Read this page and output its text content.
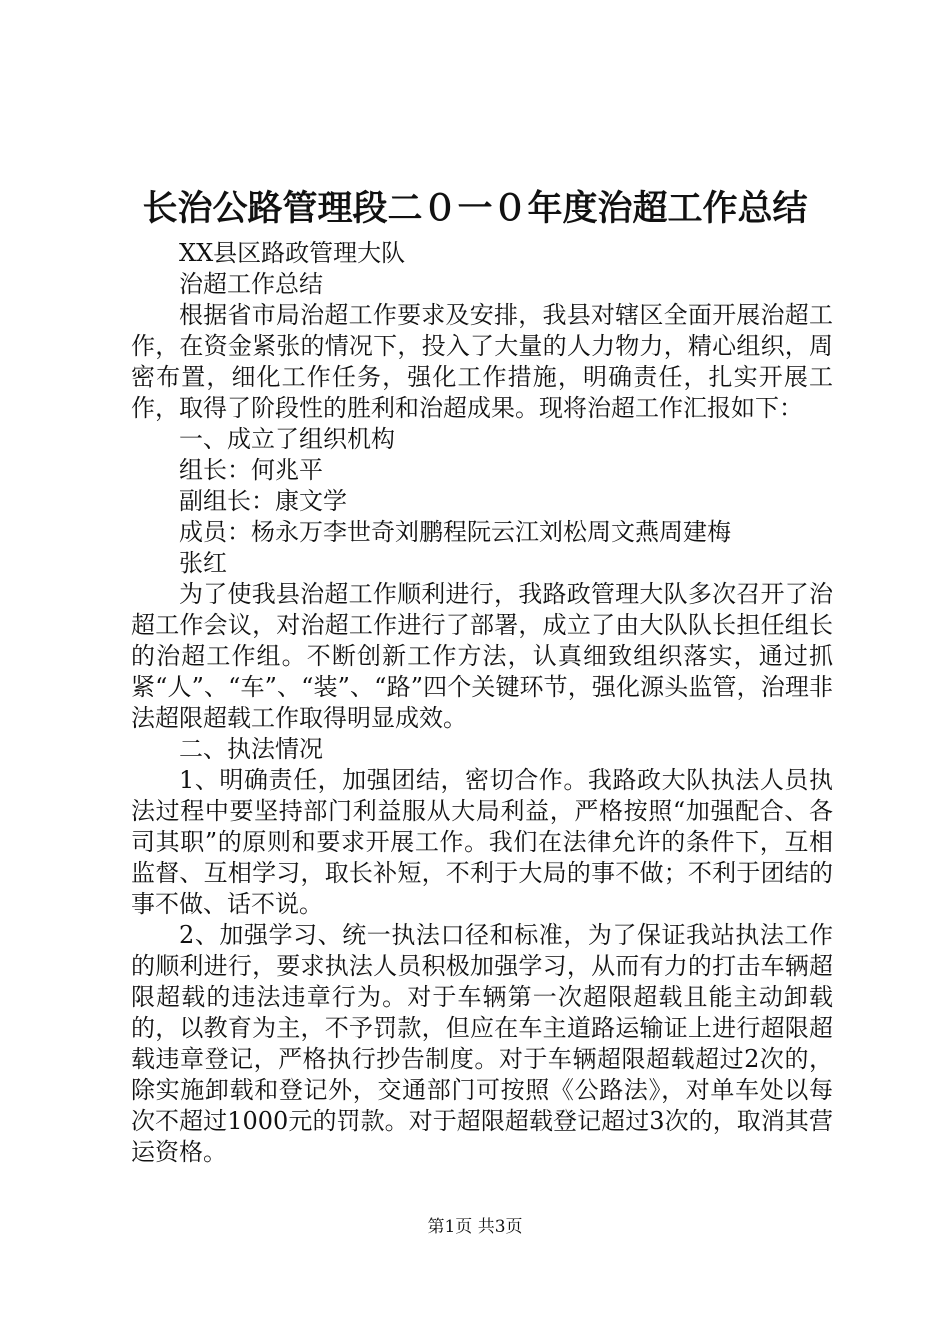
长治公路管理段二０一０年度治超工作总结

XX县区路政管理大队

治超工作总结

根据省市局治超工作要求及安排，我县对辖区全面开展治超工作，在资金紧张的情况下，投入了大量的人力物力，精心组织，周密布置，细化工作任务，强化工作措施，明确责任，扎实开展工作，取得了阶段性的胜利和治超成果。现将治超工作汇报如下：

一、成立了组织机构

组长：何兆平

副组长：康文学

成员：杨永万李世奇刘鹏程阮云江刘松周文燕周建梅

张红

为了使我县治超工作顺利进行，我路政管理大队多次召开了治超工作会议，对治超工作进行了部署，成立了由大队队长担任组长的治超工作组。不断创新工作方法，认真细致组织落实，通过抓紧“人”、“车”、“装”、“路”四个关键环节，强化源头监管，治理非法超限超载工作取得明显成效。

二、执法情况

1、明确责任，加强团结，密切合作。我路政大队执法人员执法过程中要坚持部门利益服从大局利益，严格按照“加强配合、各司其职”的原则和要求开展工作。我们在法律允许的条件下，互相监督、互相学习，取长补短，不利于大局的事不做；不利于团结的事不做、话不说。

2、加强学习、统一执法口径和标准，为了保证我站执法工作的顺利进行，要求执法人员积极加强学习，从而有力的打击车辆超限超载的违法违章行为。对于车辆第一次超限超载且能主动卸载的，以教育为主，不予罚款，但应在车主道路运输证上进行超限超载违章登记，严格执行抄告制度。对于车辆超限超载超过2次的，除实施卸载和登记外，交通部门可按照《公路法》，对单车处以每次不超过1000元的罚款。对于超限超载登记超过3次的，取消其营运资格。

第1页 共3页
